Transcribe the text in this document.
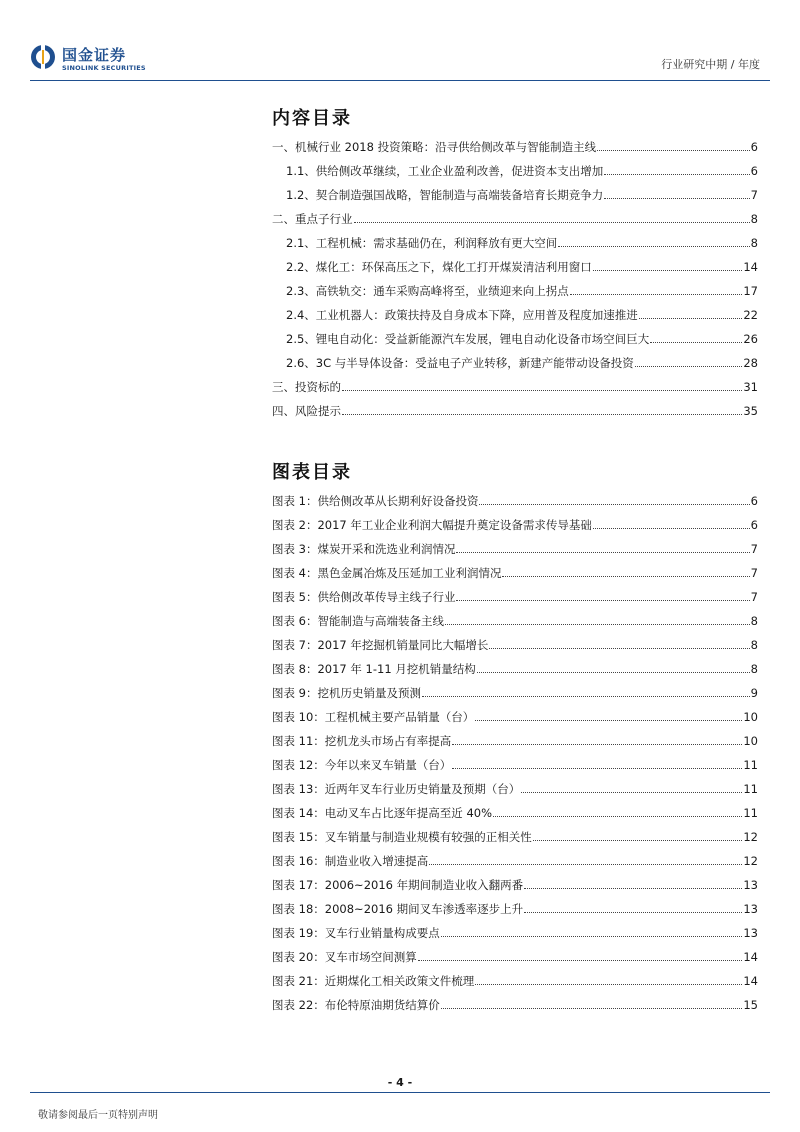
国金证券
SINOLINK SECURITIES	行业研究中期 / 年度
内容目录
一、机械行业 2018 投资策略：沿寻供给侧改革与智能制造主线	6
1.1、供给侧改革继续，工业企业盈利改善，促进资本支出增加	6
1.2、契合制造强国战略，智能制造与高端装备培育长期竞争力	7
二、重点子行业	8
2.1、工程机械：需求基础仍在，利润释放有更大空间	8
2.2、煤化工：环保高压之下，煤化工打开煤炭清洁利用窗口	14
2.3、高铁轨交：通车采购高峰将至，业绩迎来向上拐点	17
2.4、工业机器人：政策扶持及自身成本下降，应用普及程度加速推进	22
2.5、锂电自动化：受益新能源汽车发展，锂电自动化设备市场空间巨大	26
2.6、3C 与半导体设备：受益电子产业转移，新建产能带动设备投资	28
三、投资标的	31
四、风险提示	35
图表目录
图表 1：供给侧改革从长期利好设备投资	6
图表 2：2017 年工业企业利润大幅提升奠定设备需求传导基础	6
图表 3：煤炭开采和洗选业利润情况	7
图表 4：黑色金属冶炼及压延加工业利润情况	7
图表 5：供给侧改革传导主线子行业	7
图表 6：智能制造与高端装备主线	8
图表 7：2017 年挖掘机销量同比大幅增长	8
图表 8：2017 年 1-11 月挖机销量结构	8
图表 9：挖机历史销量及预测	9
图表 10：工程机械主要产品销量（台）	10
图表 11：挖机龙头市场占有率提高	10
图表 12：今年以来叉车销量（台）	11
图表 13：近两年叉车行业历史销量及预期（台）	11
图表 14：电动叉车占比逐年提高至近 40%	11
图表 15：叉车销量与制造业规模有较强的正相关性	12
图表 16：制造业收入增速提高	12
图表 17：2006~2016 年期间制造业收入翻两番	13
图表 18：2008~2016 期间叉车渗透率逐步上升	13
图表 19：叉车行业销量构成要点	13
图表 20：叉车市场空间测算	14
图表 21：近期煤化工相关政策文件梳理	14
图表 22：布伦特原油期货结算价	15
- 4 -
敬请参阅最后一页特别声明
